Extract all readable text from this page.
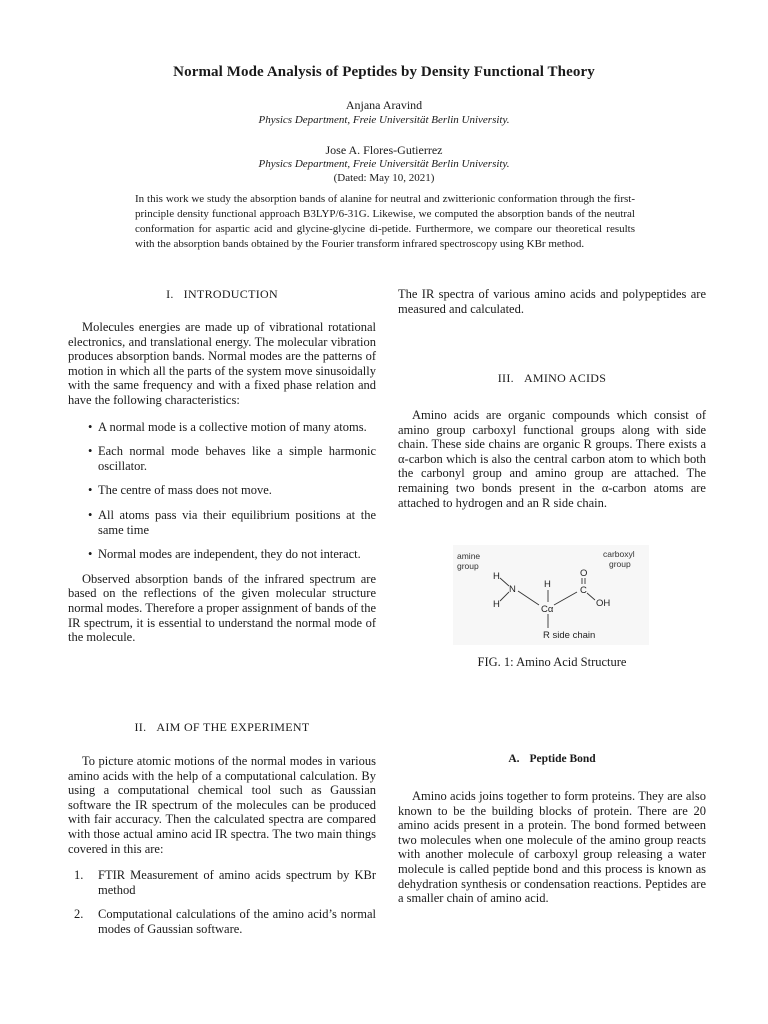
Normal Mode Analysis of Peptides by Density Functional Theory
Anjana Aravind
Physics Department, Freie Universität Berlin University.
Jose A. Flores-Gutierrez
Physics Department, Freie Universität Berlin University.
(Dated: May 10, 2021)
In this work we study the absorption bands of alanine for neutral and zwitterionic conformation through the first-principle density functional approach B3LYP/6-31G. Likewise, we computed the absorption bands of the neutral conformation for aspartic acid and glycine-glycine di-petide. Furthermore, we compare our theoretical results with the absorption bands obtained by the Fourier transform infrared spectroscopy using KBr method.
I. INTRODUCTION

Molecules energies are made up of vibrational rotational electronics, and translational energy. The molecular vibration produces absorption bands. Normal modes are the patterns of motion in which all the parts of the system move sinusoidally with the same frequency and with a fixed phase relation and have the following characteristics:

• A normal mode is a collective motion of many atoms.
• Each normal mode behaves like a simple harmonic oscillator.
• The centre of mass does not move.
• All atoms pass via their equilibrium positions at the same time
• Normal modes are independent, they do not interact.

Observed absorption bands of the infrared spectrum are based on the reflections of the given molecular structure normal modes. Therefore a proper assignment of bands of the IR spectrum, it is essential to understand the normal mode of the molecule.

II. AIM OF THE EXPERIMENT

To picture atomic motions of the normal modes in various amino acids with the help of a computational calculation. By using a computational chemical tool such as Gaussian software the IR spectrum of the molecules can be produced with fair accuracy. Then the calculated spectra are compared with those actual amino acid IR spectra. The two main things covered in this are:

1. FTIR Measurement of amino acids spectrum by KBr method
2. Computational calculations of the amino acid’s normal modes of Gaussian software.
The IR spectra of various amino acids and polypeptides are measured and calculated.
III. AMINO ACIDS

Amino acids are organic compounds which consist of amino group carboxyl functional groups along with side chain. These side chains are organic R groups. There exists a α-carbon which is also the central carbon atom to which both the carbonyl group and amino group are attached. The remaining two bonds present in the α-carbon atoms are attached to hydrogen and an R side chain.

amine
group
carboxyl
group
H
H
N	H
Cα
O
C
OH
R side chain
FIG. 1: Amino Acid Structure
A. Peptide Bond

Amino acids joins together to form proteins. They are also known to be the building blocks of protein. There are 20 amino acids present in a protein. The bond formed between two molecules when one molecule of the amino group reacts with another molecule of carboxyl group releasing a water molecule is called peptide bond and this process is known as dehydration synthesis or condensation reactions. Peptides are a smaller chain of amino acid.
